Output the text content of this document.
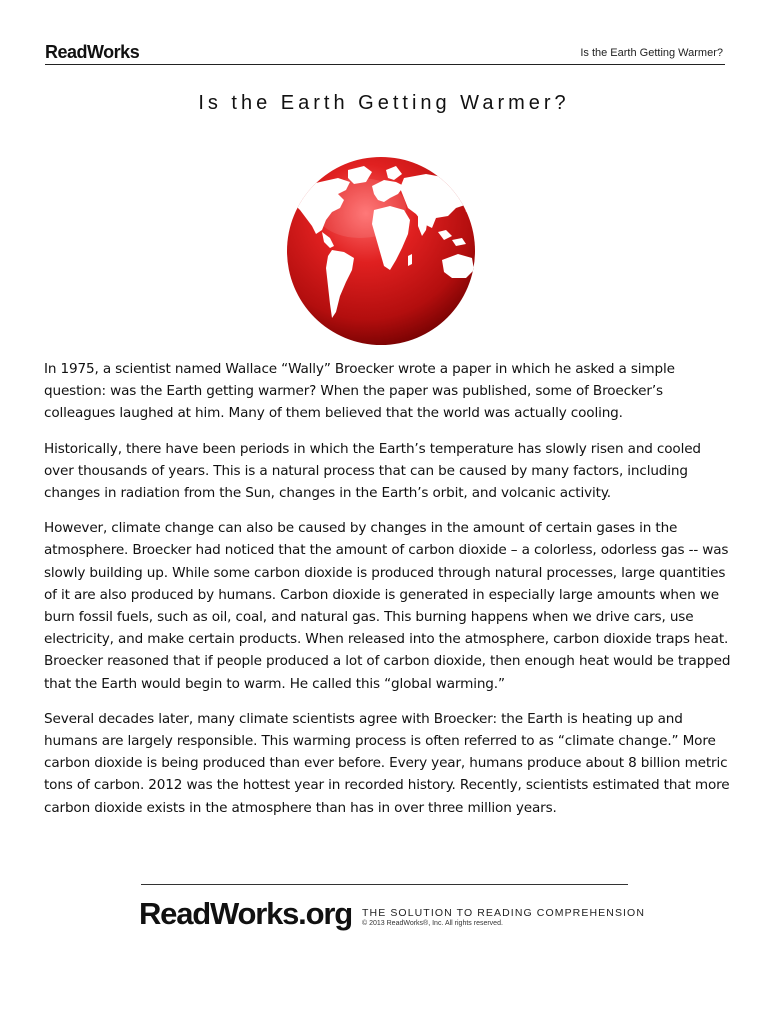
ReadWorks	Is the Earth Getting Warmer?
Is the Earth Getting Warmer?

In 1975, a scientist named Wallace “Wally” Broecker wrote a paper in which he asked a simple question: was the Earth getting warmer? When the paper was published, some of Broecker’s colleagues laughed at him. Many of them believed that the world was actually cooling.

Historically, there have been periods in which the Earth’s temperature has slowly risen and cooled over thousands of years. This is a natural process that can be caused by many factors, including changes in radiation from the Sun, changes in the Earth’s orbit, and volcanic activity.

However, climate change can also be caused by changes in the amount of certain gases in the atmosphere. Broecker had noticed that the amount of carbon dioxide – a colorless, odorless gas -- was slowly building up. While some carbon dioxide is produced through natural processes, large quantities of it are also produced by humans. Carbon dioxide is generated in especially large amounts when we burn fossil fuels, such as oil, coal, and natural gas. This burning happens when we drive cars, use electricity, and make certain products. When released into the atmosphere, carbon dioxide traps heat. Broecker reasoned that if people produced a lot of carbon dioxide, then enough heat would be trapped that the Earth would begin to warm. He called this “global warming.”

Several decades later, many climate scientists agree with Broecker: the Earth is heating up and humans are largely responsible. This warming process is often referred to as “climate change.” More carbon dioxide is being produced than ever before. Every year, humans produce about 8 billion metric tons of carbon. 2012 was the hottest year in recorded history. Recently, scientists estimated that more carbon dioxide exists in the atmosphere than has in over three million years.

ReadWorks.org THE SOLUTION TO READING COMPREHENSION
© 2013 ReadWorks®, Inc. All rights reserved.
